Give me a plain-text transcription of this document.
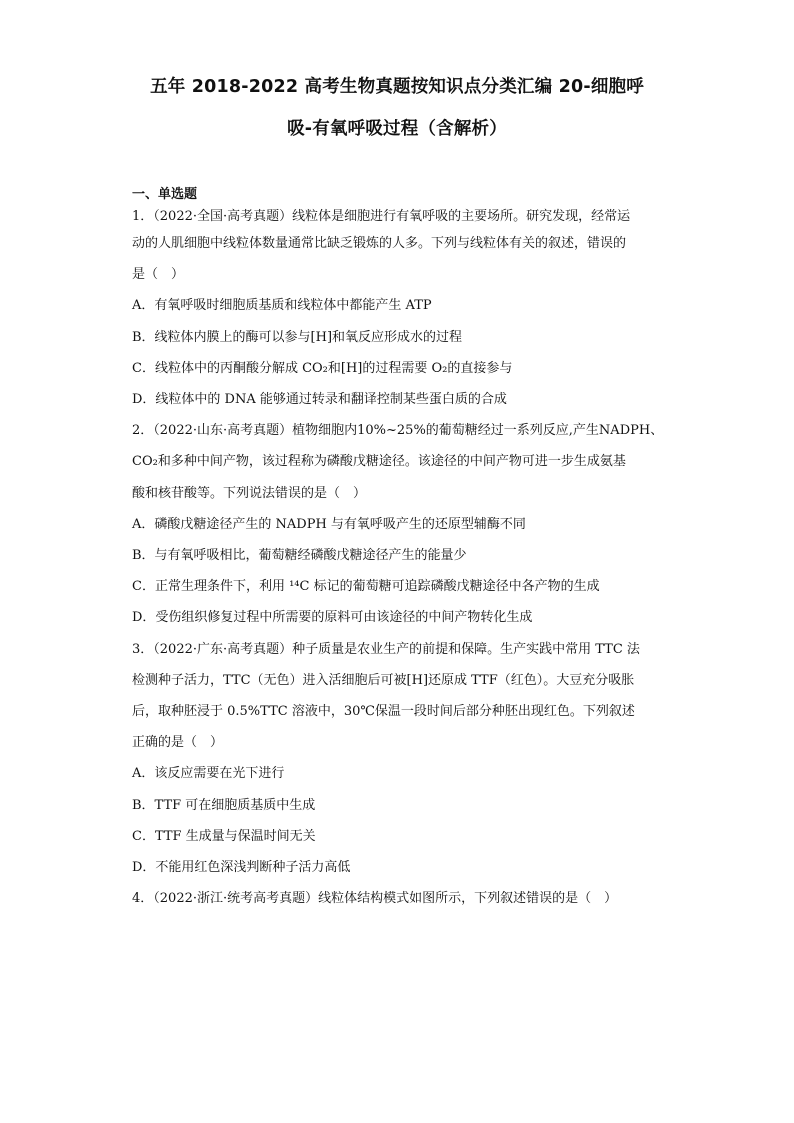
五年 2018-2022 高考生物真题按知识点分类汇编 20-细胞呼
吸-有氧呼吸过程（含解析）
一、单选题
1．（2022·全国·高考真题）线粒体是细胞进行有氧呼吸的主要场所。研究发现，经常运
动的人肌细胞中线粒体数量通常比缺乏锻炼的人多。下列与线粒体有关的叙述，错误的
是（　）
A．有氧呼吸时细胞质基质和线粒体中都能产生 ATP
B．线粒体内膜上的酶可以参与[H]和氧反应形成水的过程
C．线粒体中的丙酮酸分解成 CO₂和[H]的过程需要 O₂的直接参与
D．线粒体中的 DNA 能够通过转录和翻译控制某些蛋白质的合成
2．（2022·山东·高考真题）植物细胞内10%~25%的葡萄糖经过一系列反应,产生NADPH、
CO₂和多种中间产物，该过程称为磷酸戊糖途径。该途径的中间产物可进一步生成氨基
酸和核苷酸等。下列说法错误的是（　）
A．磷酸戊糖途径产生的 NADPH 与有氧呼吸产生的还原型辅酶不同
B．与有氧呼吸相比，葡萄糖经磷酸戊糖途径产生的能量少
C．正常生理条件下，利用 ¹⁴C 标记的葡萄糖可追踪磷酸戊糖途径中各产物的生成
D．受伤组织修复过程中所需要的原料可由该途径的中间产物转化生成
3．（2022·广东·高考真题）种子质量是农业生产的前提和保障。生产实践中常用 TTC 法
检测种子活力，TTC（无色）进入活细胞后可被[H]还原成 TTF（红色）。大豆充分吸胀
后，取种胚浸于 0.5%TTC 溶液中，30℃保温一段时间后部分种胚出现红色。下列叙述
正确的是（　）
A．该反应需要在光下进行
B．TTF 可在细胞质基质中生成
C．TTF 生成量与保温时间无关
D．不能用红色深浅判断种子活力高低
4．（2022·浙江·统考高考真题）线粒体结构模式如图所示，下列叙述错误的是（　）
